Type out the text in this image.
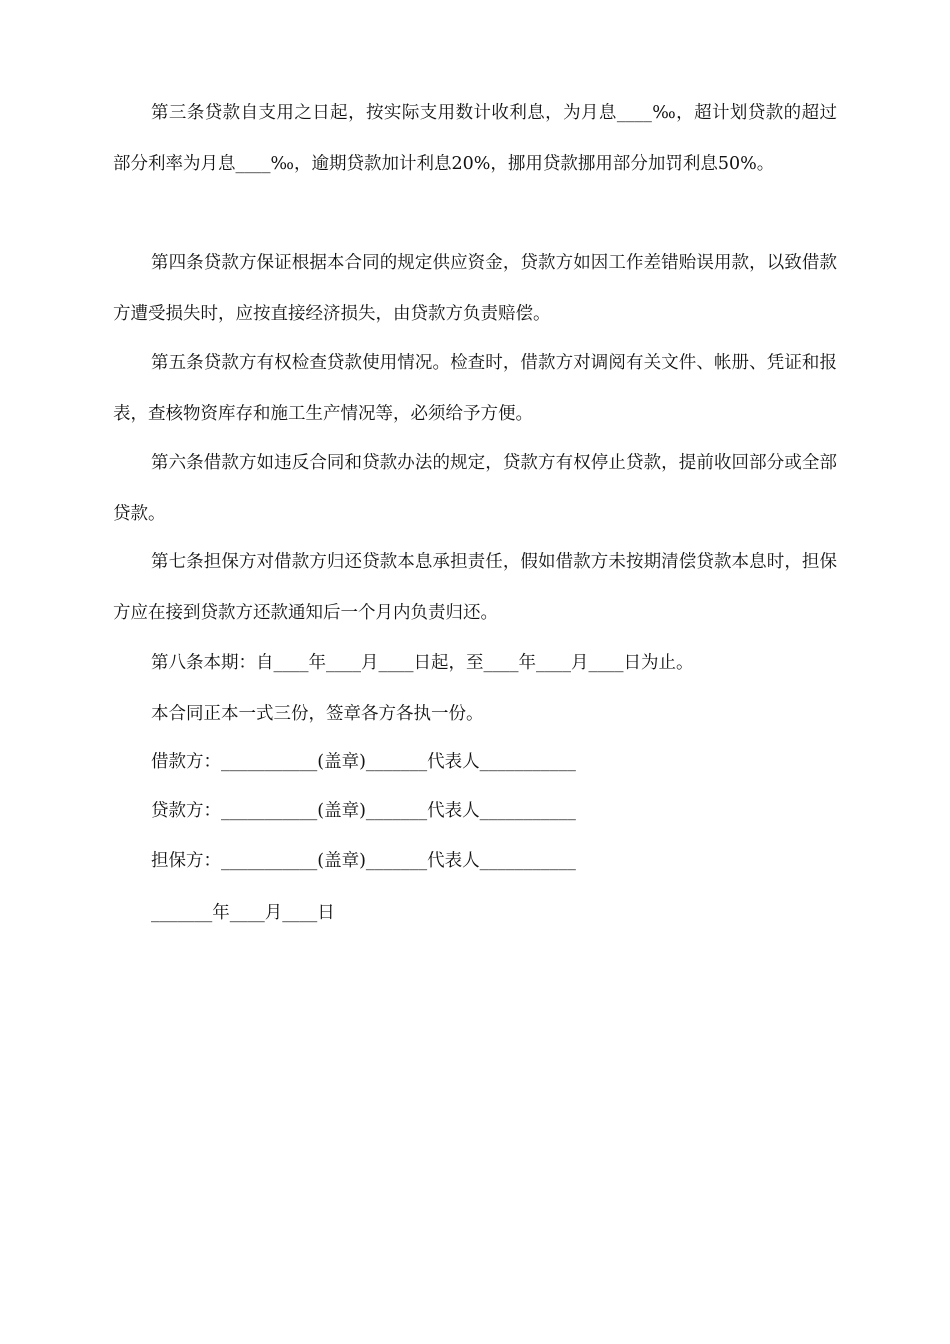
第三条贷款自支用之日起，按实际支用数计收利息，为月息____‰，超计划贷款的超过部分利率为月息____‰，逾期贷款加计利息20%，挪用贷款挪用部分加罚利息50%。

第四条贷款方保证根据本合同的规定供应资金，贷款方如因工作差错贻误用款，以致借款方遭受损失时，应按直接经济损失，由贷款方负责赔偿。

第五条贷款方有权检查贷款使用情况。检查时，借款方对调阅有关文件、帐册、凭证和报表，查核物资库存和施工生产情况等，必须给予方便。

第六条借款方如违反合同和贷款办法的规定，贷款方有权停止贷款，提前收回部分或全部贷款。

第七条担保方对借款方归还贷款本息承担责任，假如借款方未按期清偿贷款本息时，担保方应在接到贷款方还款通知后一个月内负责归还。

第八条本期：自____年____月____日起，至____年____月____日为止。

本合同正本一式三份，签章各方各执一份。

借款方：___________(盖章)_______代表人___________

贷款方：___________(盖章)_______代表人___________

担保方：___________(盖章)_______代表人___________

_______年____月____日
